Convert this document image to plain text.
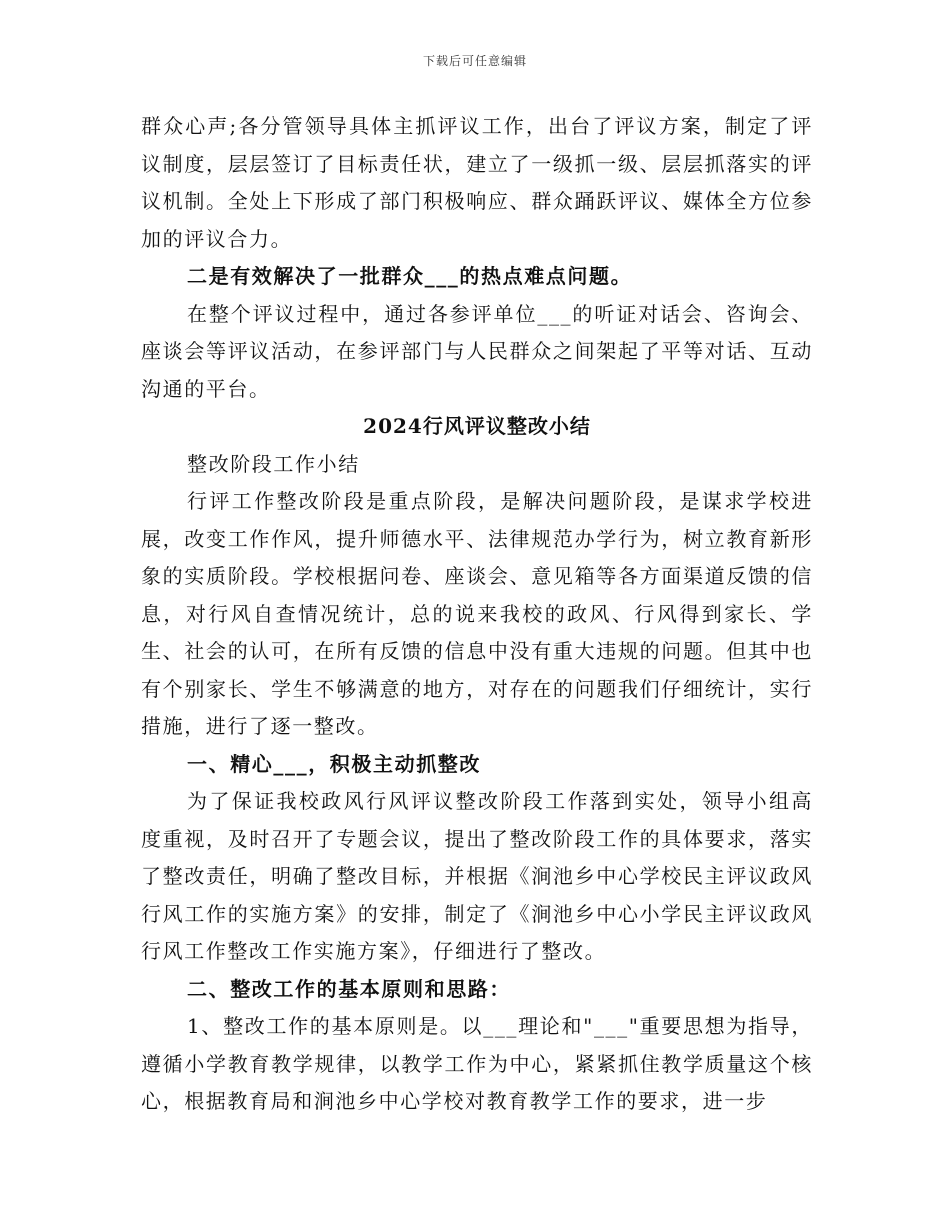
下载后可任意编辑

群众心声;各分管领导具体主抓评议工作，出台了评议方案，制定了评议制度，层层签订了目标责任状，建立了一级抓一级、层层抓落实的评议机制。全处上下形成了部门积极响应、群众踊跃评议、媒体全方位参加的评议合力。

二是有效解决了一批群众___的热点难点问题。

在整个评议过程中，通过各参评单位___的听证对话会、咨询会、座谈会等评议活动，在参评部门与人民群众之间架起了平等对话、互动沟通的平台。

2024行风评议整改小结

整改阶段工作小结

行评工作整改阶段是重点阶段，是解决问题阶段，是谋求学校进展，改变工作作风，提升师德水平、法律规范办学行为，树立教育新形象的实质阶段。学校根据问卷、座谈会、意见箱等各方面渠道反馈的信息，对行风自查情况统计，总的说来我校的政风、行风得到家长、学生、社会的认可，在所有反馈的信息中没有重大违规的问题。但其中也有个别家长、学生不够满意的地方，对存在的问题我们仔细统计，实行措施，进行了逐一整改。

一、精心___，积极主动抓整改

为了保证我校政风行风评议整改阶段工作落到实处，领导小组高度重视，及时召开了专题会议，提出了整改阶段工作的具体要求，落实了整改责任，明确了整改目标，并根据《涧池乡中心学校民主评议政风行风工作的实施方案》的安排，制定了《涧池乡中心小学民主评议政风行风工作整改工作实施方案》，仔细进行了整改。

二、整改工作的基本原则和思路：

1、整改工作的基本原则是。以___理论和"___"重要思想为指导，遵循小学教育教学规律，以教学工作为中心，紧紧抓住教学质量这个核心，根据教育局和涧池乡中心学校对教育教学工作的要求，进一步
